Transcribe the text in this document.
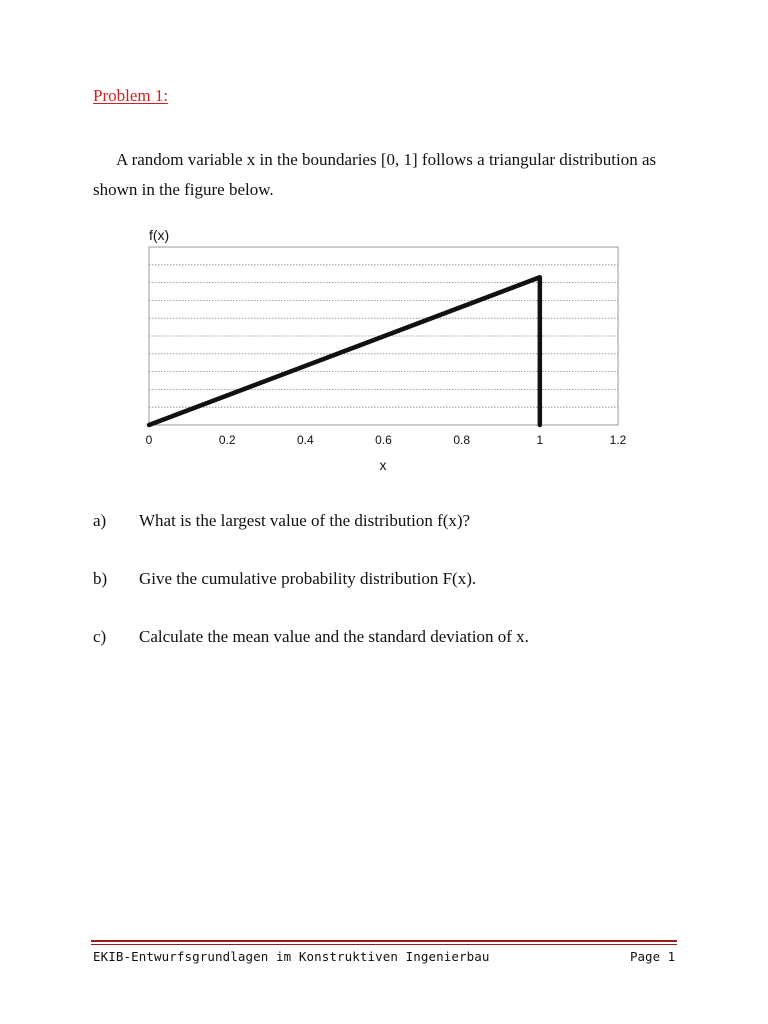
Problem 1:

A random variable x in the boundaries [0, 1] follows a triangular distribution as shown in the figure below.

f(x)
0	0.2	0.4	0.6	0.8	1	1.2
x
a) What is the largest value of the distribution f(x)?
b) Give the cumulative probability distribution F(x).
c) Calculate the mean value and the standard deviation of x.
EKIB-Entwurfsgrundlagen im Konstruktiven Ingenierbau	Page 1
